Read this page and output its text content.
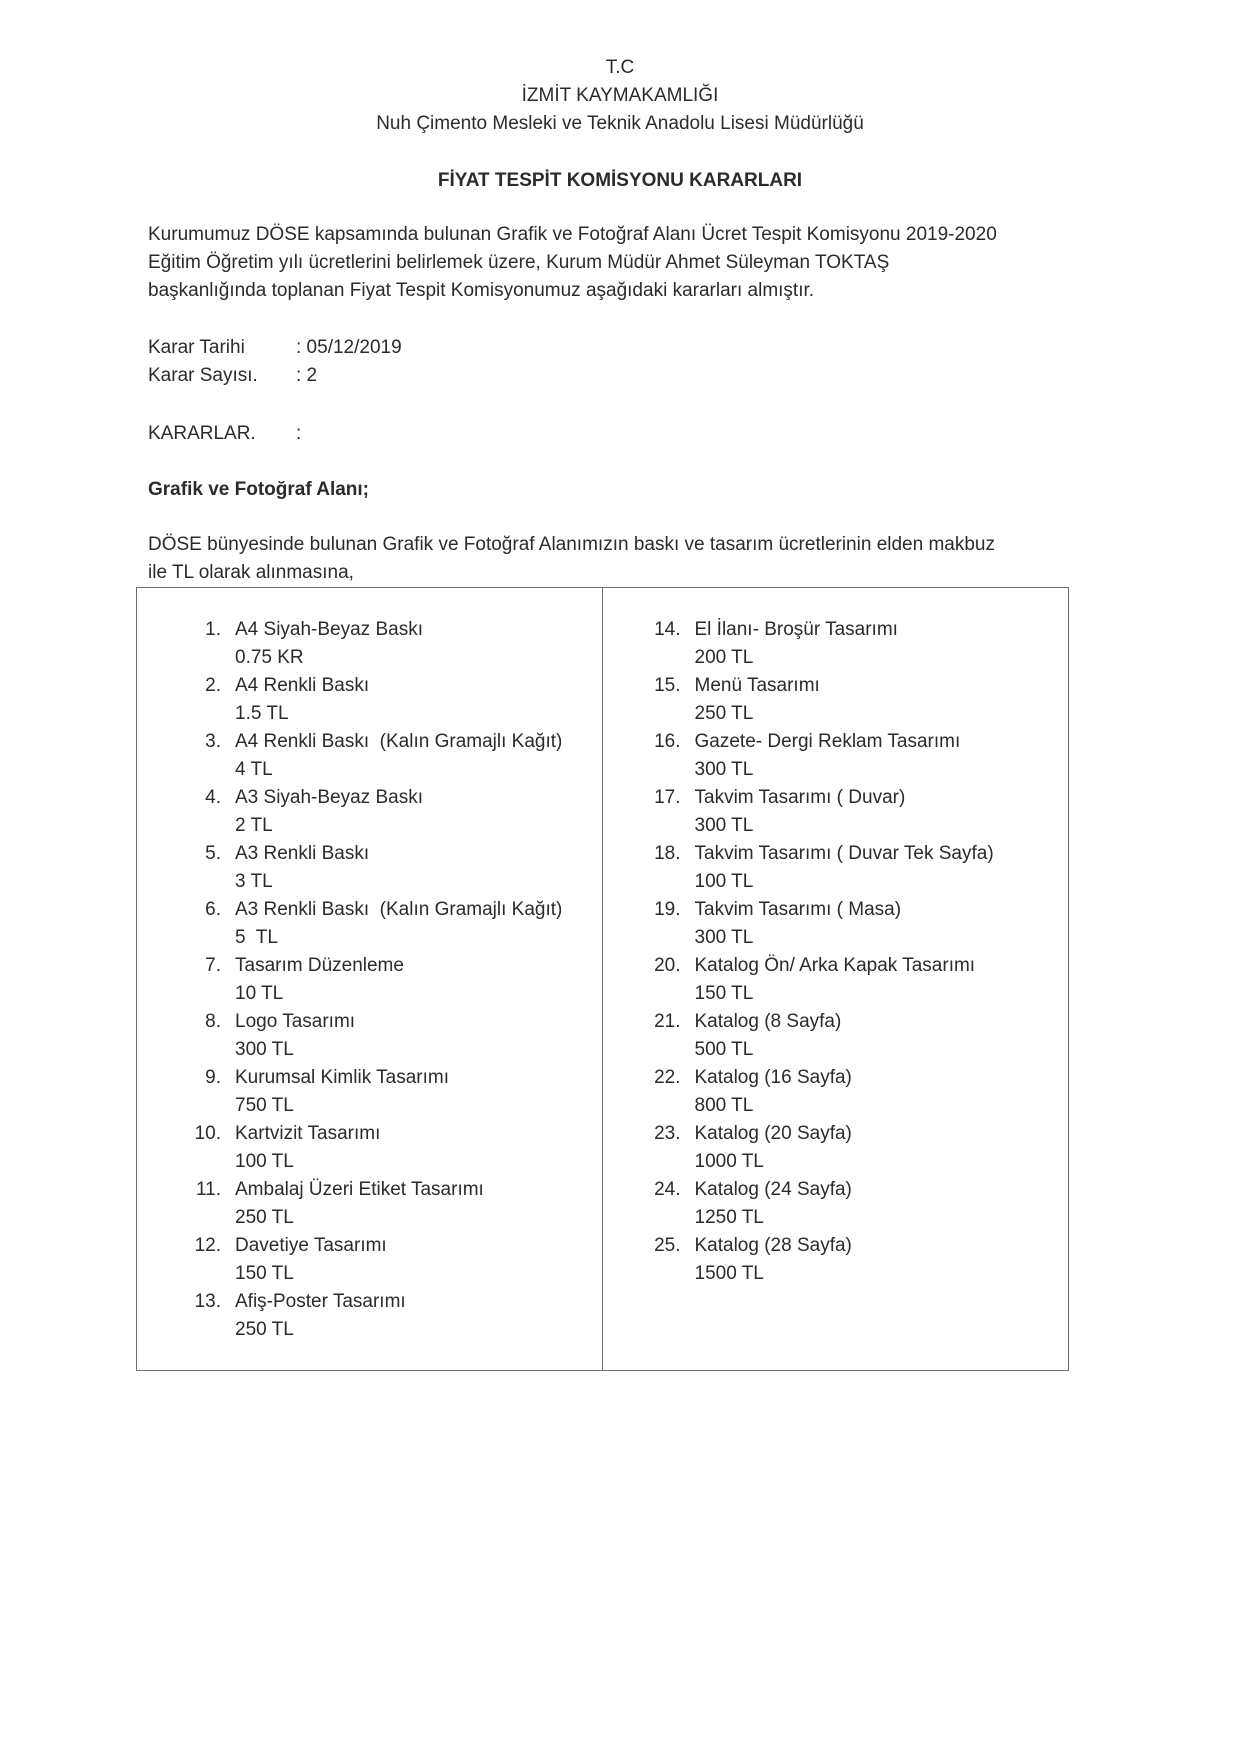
T.C
İZMİT KAYMAKAMLIĞI
Nuh Çimento Mesleki ve Teknik Anadolu Lisesi Müdürlüğü
FİYAT TESPİT KOMİSYONU KARARLARI
Kurumumuz DÖSE kapsamında bulunan Grafik ve Fotoğraf Alanı Ücret Tespit Komisyonu 2019-2020
Eğitim Öğretim yılı ücretlerini belirlemek üzere, Kurum Müdür Ahmet Süleyman TOKTAŞ
başkanlığında toplanan Fiyat Tespit Komisyonumuz aşağıdaki kararları almıştır.
Karar Tarihi	: 05/12/2019
Karar Sayısı.	: 2
KARARLAR.	:
Grafik ve Fotoğraf Alanı;
DÖSE bünyesinde bulunan Grafik ve Fotoğraf Alanımızın baskı ve tasarım ücretlerinin elden makbuz
ile TL olarak alınmasına,
1. A4 Siyah-Beyaz Baskı
0.75 KR
2. A4 Renkli Baskı
1.5 TL
3. A4 Renkli Baskı  (Kalın Gramajlı Kağıt)
4 TL
4. A3 Siyah-Beyaz Baskı
2 TL
5. A3 Renkli Baskı
3 TL
6. A3 Renkli Baskı  (Kalın Gramajlı Kağıt)
5  TL
7. Tasarım Düzenleme
10 TL
8. Logo Tasarımı
300 TL
9. Kurumsal Kimlik Tasarımı
750 TL
10. Kartvizit Tasarımı
100 TL
11. Ambalaj Üzeri Etiket Tasarımı
250 TL
12. Davetiye Tasarımı
150 TL
13. Afiş-Poster Tasarımı
250 TL
14. El İlanı- Broşür Tasarımı
200 TL
15. Menü Tasarımı
250 TL
16. Gazete- Dergi Reklam Tasarımı
300 TL
17. Takvim Tasarımı ( Duvar)
300 TL
18. Takvim Tasarımı ( Duvar Tek Sayfa)
100 TL
19. Takvim Tasarımı ( Masa)
300 TL
20. Katalog Ön/ Arka Kapak Tasarımı
150 TL
21. Katalog (8 Sayfa)
500 TL
22. Katalog (16 Sayfa)
800 TL
23. Katalog (20 Sayfa)
1000 TL
24. Katalog (24 Sayfa)
1250 TL
25. Katalog (28 Sayfa)
1500 TL
